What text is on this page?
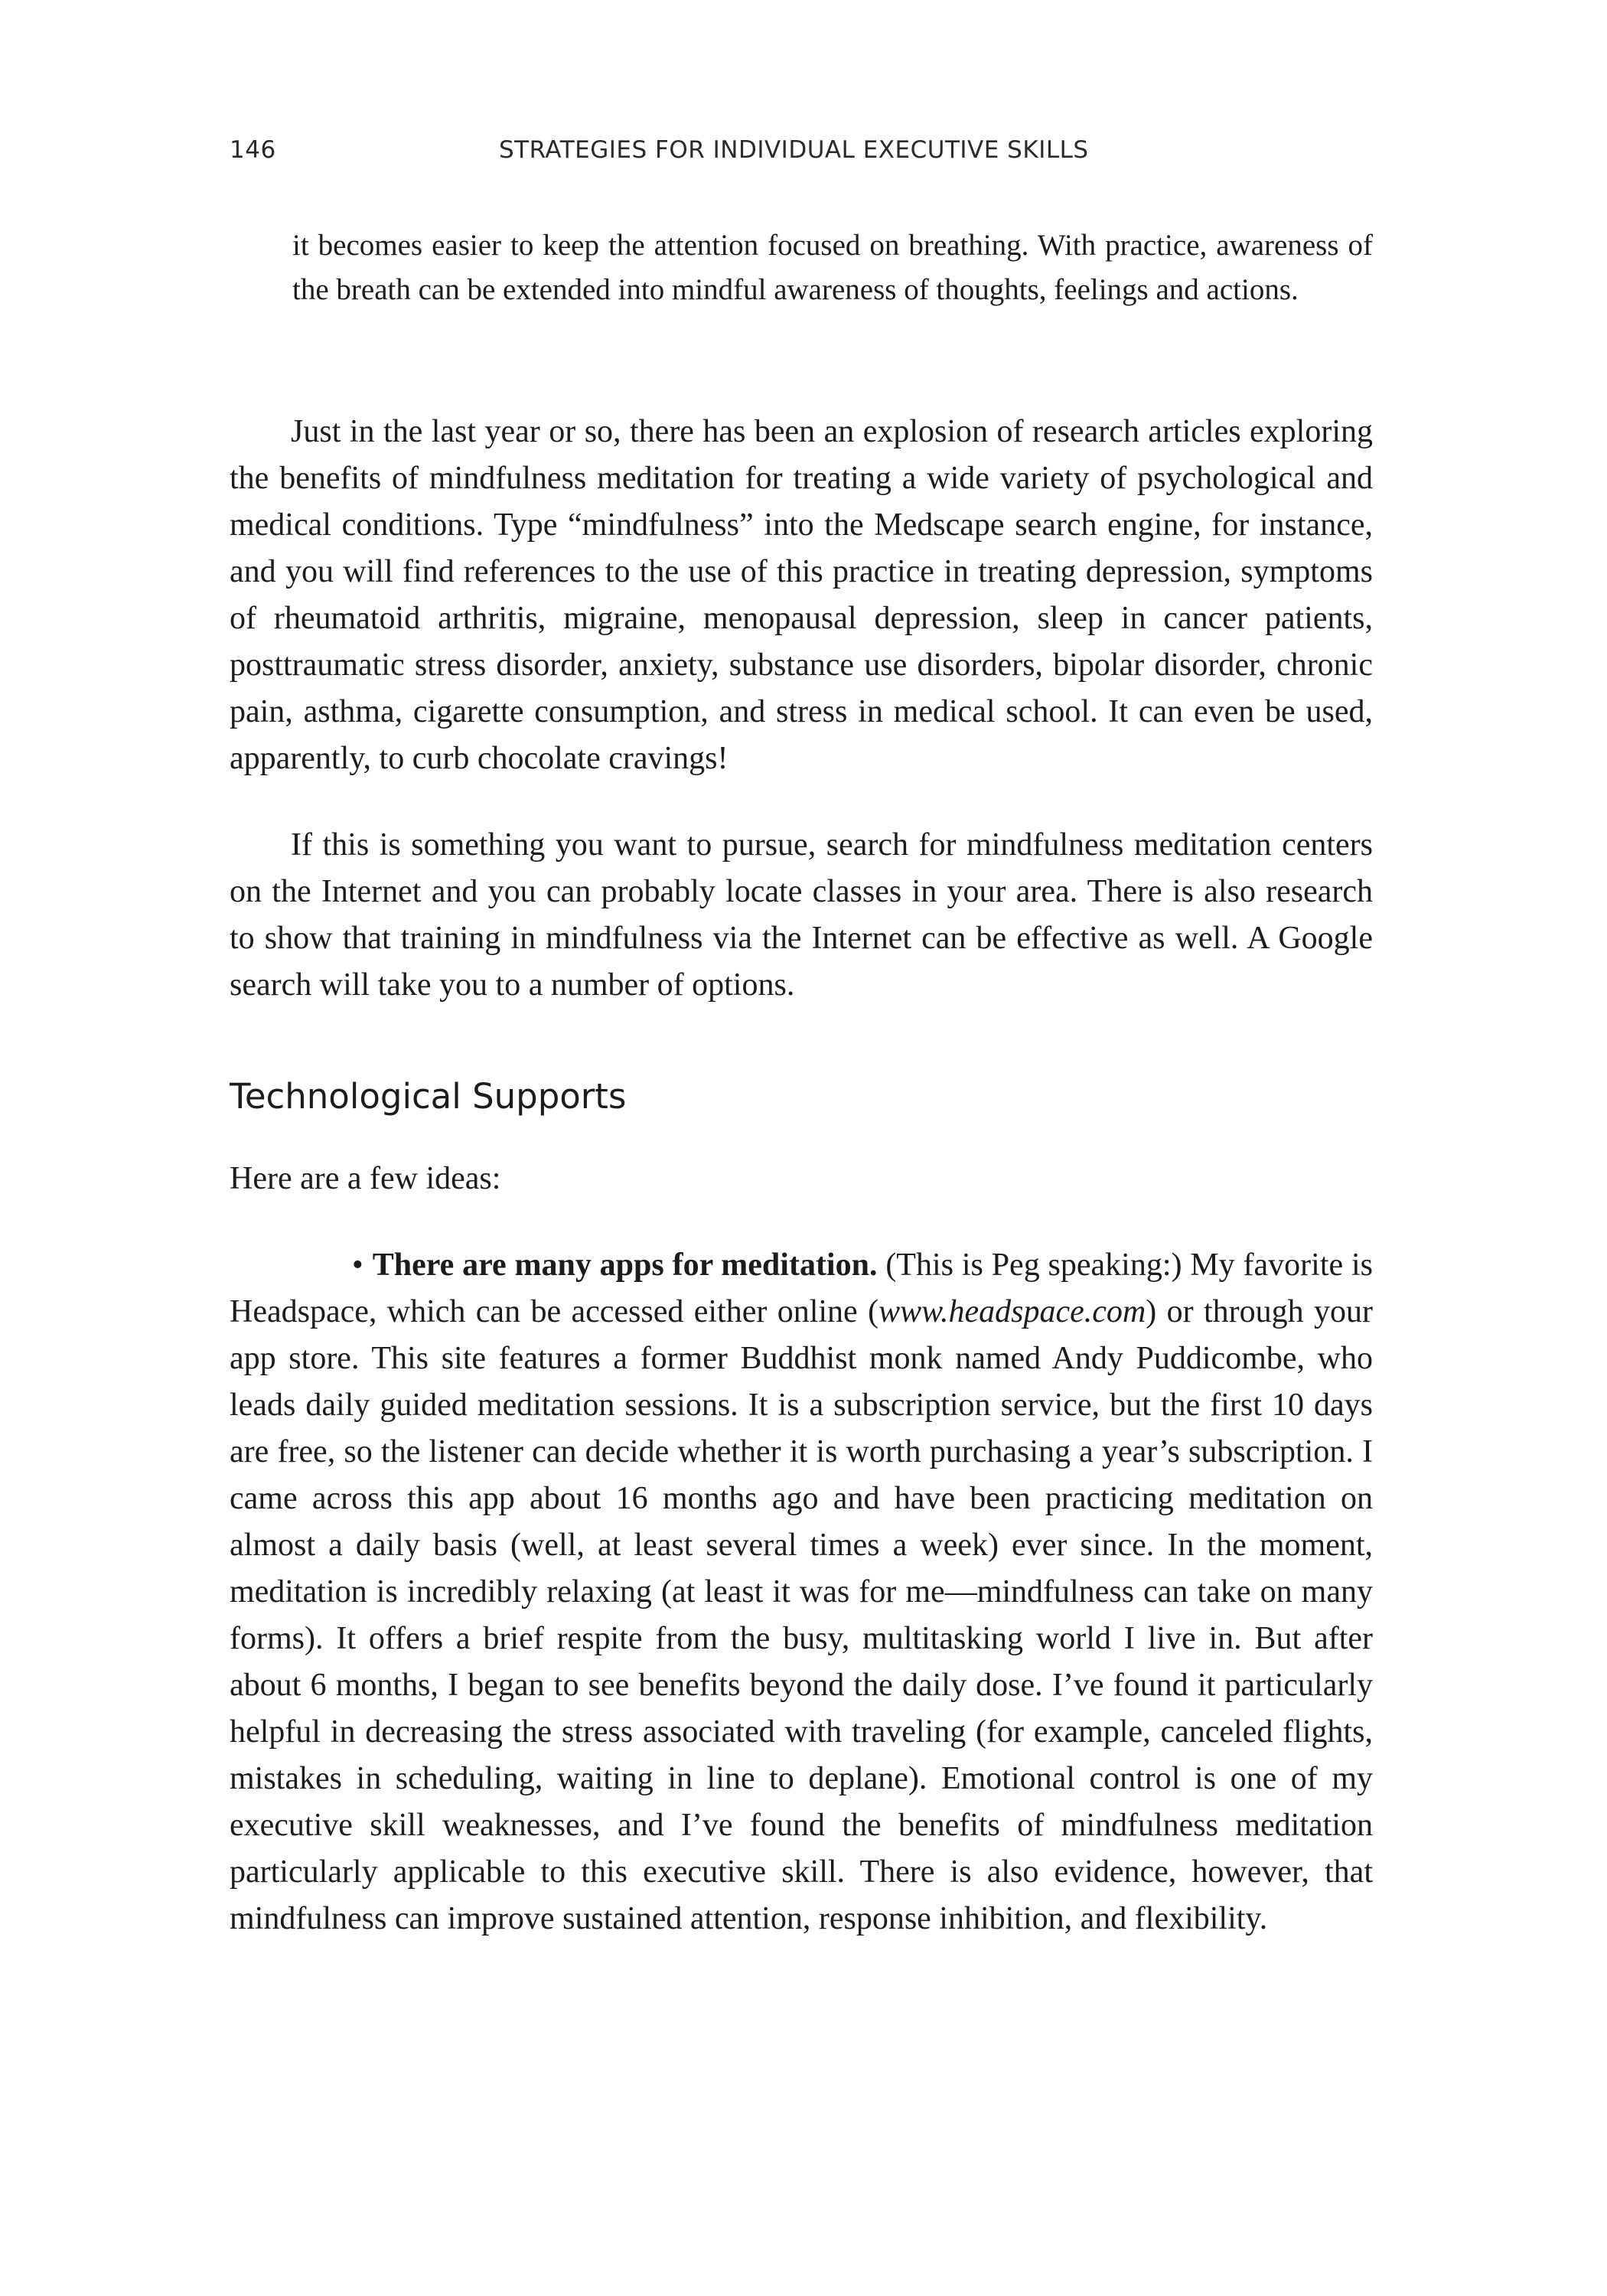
146	STRATEGIES FOR INDIVIDUAL EXECUTIVE SKILLS

it becomes easier to keep the attention focused on breathing. With practice, awareness of the breath can be extended into mindful awareness of thoughts, feelings and actions.

Just in the last year or so, there has been an explosion of research articles exploring the benefits of mindfulness meditation for treating a wide variety of psychological and medical conditions. Type “mindfulness” into the Medscape search engine, for instance, and you will find references to the use of this practice in treating depression, symptoms of rheumatoid arthritis, migraine, menopausal depression, sleep in cancer patients, posttraumatic stress disorder, anxiety, substance use disorders, bipolar disorder, chronic pain, asthma, cigarette consumption, and stress in medical school. It can even be used, apparently, to curb chocolate cravings!

If this is something you want to pursue, search for mindfulness meditation centers on the Internet and you can probably locate classes in your area. There is also research to show that training in mindfulness via the Internet can be effective as well. A Google search will take you to a number of options.

Technological Supports

Here are a few ideas:

• There are many apps for meditation. (This is Peg speaking:) My favorite is Headspace, which can be accessed either online (www.headspace.com) or through your app store. This site features a former Buddhist monk named Andy Puddicombe, who leads daily guided meditation sessions. It is a subscription service, but the first 10 days are free, so the listener can decide whether it is worth purchasing a year’s subscription. I came across this app about 16 months ago and have been practicing meditation on almost a daily basis (well, at least several times a week) ever since. In the moment, meditation is incredibly relaxing (at least it was for me—mindfulness can take on many forms). It offers a brief respite from the busy, multitasking world I live in. But after about 6 months, I began to see benefits beyond the daily dose. I’ve found it particularly helpful in decreasing the stress associated with traveling (for example, canceled flights, mistakes in scheduling, waiting in line to deplane). Emotional control is one of my executive skill weaknesses, and I’ve found the benefits of mindfulness meditation particularly applicable to this executive skill. There is also evidence, however, that mindfulness can improve sustained attention, response inhibition, and flexibility.
